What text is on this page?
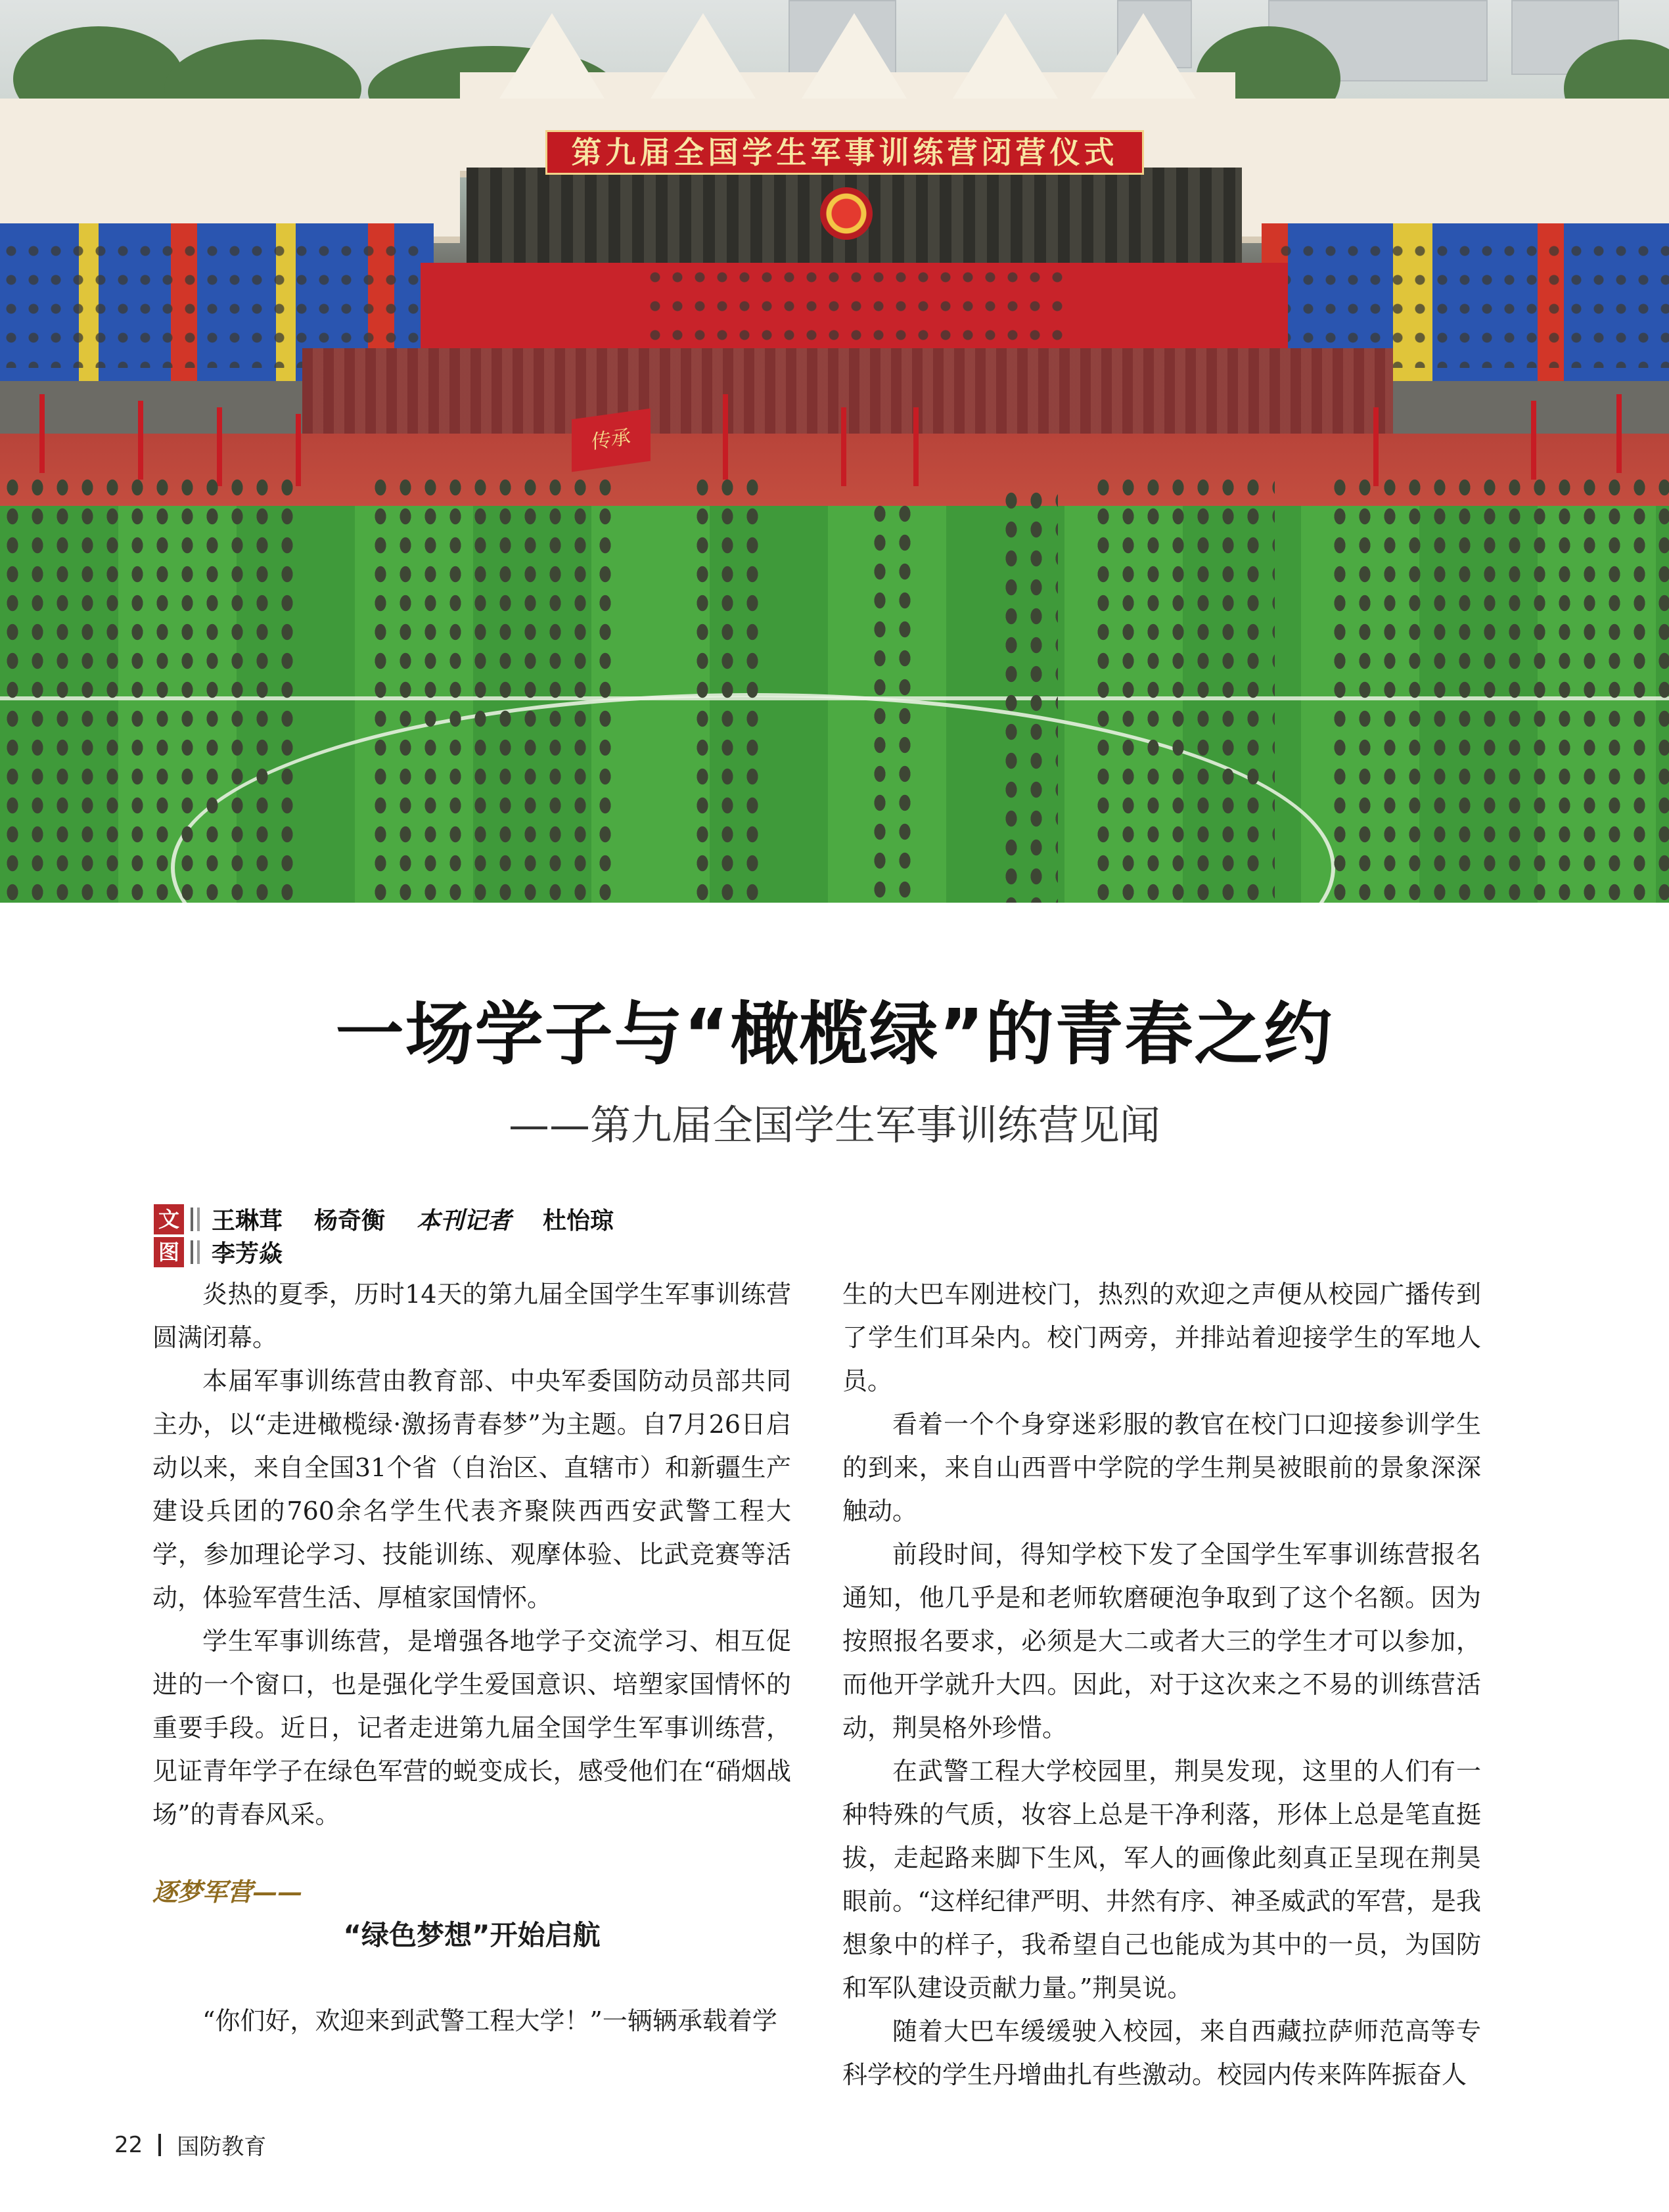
第九届全国学生军事训练营闭营仪式
传承
一场学子与“橄榄绿”的青春之约
——第九届全国学生军事训练营见闻
文 王琳茸 杨奇衡 本刊记者 杜怡琼
图 李芳焱

炎热的夏季，历时14天的第九届全国学生军事训练营圆满闭幕。

本届军事训练营由教育部、中央军委国防动员部共同主办，以“走进橄榄绿·激扬青春梦”为主题。自7月26日启动以来，来自全国31个省（自治区、直辖市）和新疆生产建设兵团的760余名学生代表齐聚陕西西安武警工程大学，参加理论学习、技能训练、观摩体验、比武竞赛等活动，体验军营生活、厚植家国情怀。

学生军事训练营，是增强各地学子交流学习、相互促进的一个窗口，也是强化学生爱国意识、培塑家国情怀的重要手段。近日，记者走进第九届全国学生军事训练营，见证青年学子在绿色军营的蜕变成长，感受他们在“硝烟战场”的青春风采。

逐梦军营——

“绿色梦想”开始启航

“你们好，欢迎来到武警工程大学！”一辆辆承载着学

生的大巴车刚进校门，热烈的欢迎之声便从校园广播传到了学生们耳朵内。校门两旁，并排站着迎接学生的军地人员。

看着一个个身穿迷彩服的教官在校门口迎接参训学生的到来，来自山西晋中学院的学生荆昊被眼前的景象深深触动。

前段时间，得知学校下发了全国学生军事训练营报名通知，他几乎是和老师软磨硬泡争取到了这个名额。因为按照报名要求，必须是大二或者大三的学生才可以参加，而他开学就升大四。因此，对于这次来之不易的训练营活动，荆昊格外珍惜。

在武警工程大学校园里，荆昊发现，这里的人们有一种特殊的气质，妆容上总是干净利落，形体上总是笔直挺拔，走起路来脚下生风，军人的画像此刻真正呈现在荆昊眼前。“这样纪律严明、井然有序、神圣威武的军营，是我想象中的样子，我希望自己也能成为其中的一员，为国防和军队建设贡献力量。”荆昊说。

随着大巴车缓缓驶入校园，来自西藏拉萨师范高等专科学校的学生丹增曲扎有些激动。校园内传来阵阵振奋人

22 国防教育
